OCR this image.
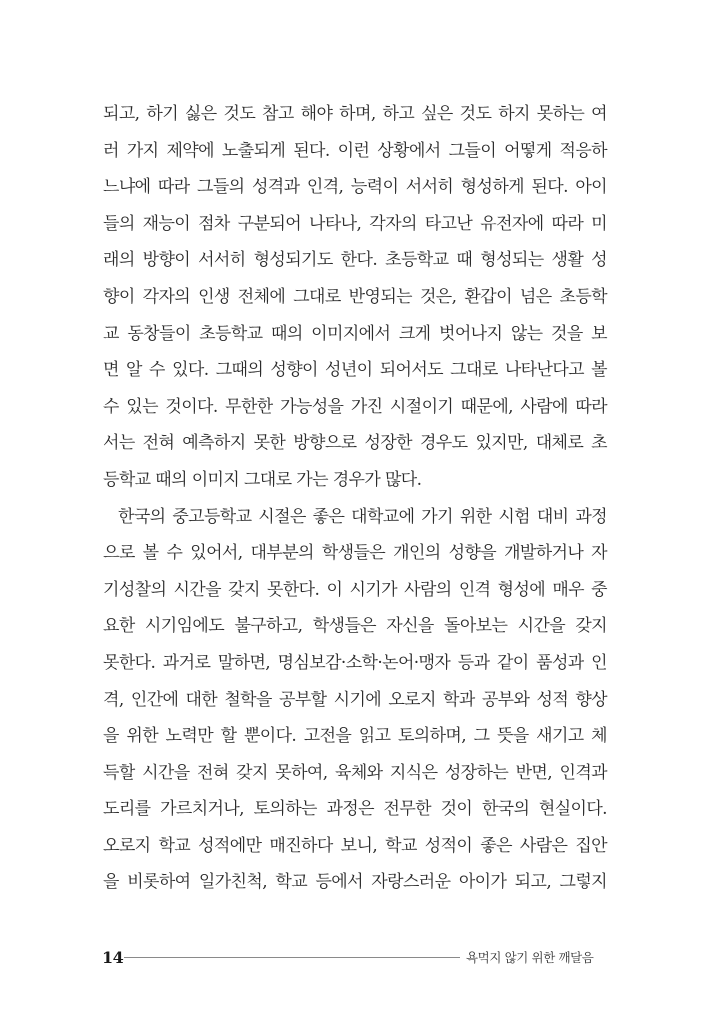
되고, 하기 싫은 것도 참고 해야 하며, 하고 싶은 것도 하지 못하는 여
러 가지 제약에 노출되게 된다. 이런 상황에서 그들이 어떻게 적응하
느냐에 따라 그들의 성격과 인격, 능력이 서서히 형성하게 된다. 아이
들의 재능이 점차 구분되어 나타나, 각자의 타고난 유전자에 따라 미
래의 방향이 서서히 형성되기도 한다. 초등학교 때 형성되는 생활 성
향이 각자의 인생 전체에 그대로 반영되는 것은, 환갑이 넘은 초등학
교 동창들이 초등학교 때의 이미지에서 크게 벗어나지 않는 것을 보
면 알 수 있다. 그때의 성향이 성년이 되어서도 그대로 나타난다고 볼
수 있는 것이다. 무한한 가능성을 가진 시절이기 때문에, 사람에 따라
서는 전혀 예측하지 못한 방향으로 성장한 경우도 있지만, 대체로 초
등학교 때의 이미지 그대로 가는 경우가 많다.
한국의 중고등학교 시절은 좋은 대학교에 가기 위한 시험 대비 과정
으로 볼 수 있어서, 대부분의 학생들은 개인의 성향을 개발하거나 자
기성찰의 시간을 갖지 못한다. 이 시기가 사람의 인격 형성에 매우 중
요한 시기임에도 불구하고, 학생들은 자신을 돌아보는 시간을 갖지
못한다. 과거로 말하면, 명심보감·소학·논어·맹자 등과 같이 품성과 인
격, 인간에 대한 철학을 공부할 시기에 오로지 학과 공부와 성적 향상
을 위한 노력만 할 뿐이다. 고전을 읽고 토의하며, 그 뜻을 새기고 체
득할 시간을 전혀 갖지 못하여, 육체와 지식은 성장하는 반면, 인격과
도리를 가르치거나, 토의하는 과정은 전무한 것이 한국의 현실이다.
오로지 학교 성적에만 매진하다 보니, 학교 성적이 좋은 사람은 집안
을 비롯하여 일가친척, 학교 등에서 자랑스러운 아이가 되고, 그렇지
14	욕먹지 않기 위한 깨달음
